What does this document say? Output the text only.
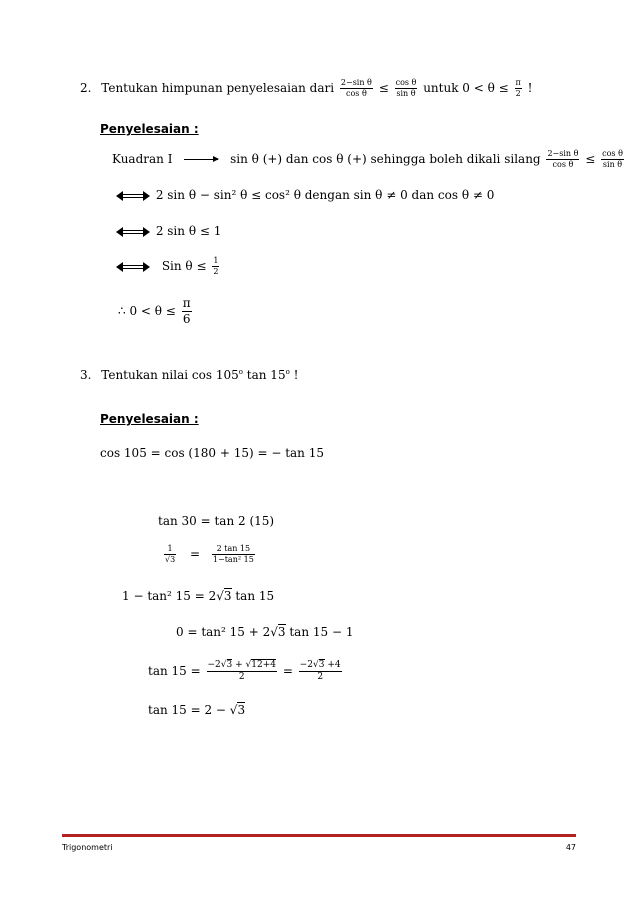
2. Tentukan himpunan penyelesaian dari $\frac{\text{2−sin θ}}{\text{cos θ}} \le \frac{\text{cos θ}}{\text{sin θ}}$ untuk $0 < \theta \le \frac{\pi}{2}$ !
Penyelesaian :
Kuadran I	sin θ (+) dan cos θ (+) sehingga boleh dikali silang $\frac{\text{2−sin θ}}{\text{cos θ}} \le \frac{\text{cos θ}}{\text{sin θ}}$
2 sin θ − sin² θ ≤ cos² θ dengan sin θ ≠ 0 dan cos θ ≠ 0
2 sin θ ≤ 1
Sin $\theta \le \frac{1}{2}$
∴ $0 < \theta \le \frac{\pi}{6}$
3. Tentukan nilai cos 105$^o$ tan 15$^o$ !
Penyelesaian :
cos 105 = cos (180 + 15) = − tan 15
tan 30 = tan 2 (15)
$\frac{1}{√3} = \frac{2 \tan 15}{\text{1−tan² 15}}$
1 − tan² 15 = 2√3 tan 15
0 = tan² 15 + 2√3 tan 15 − 1
$\tan 15 = \frac{-2√3 + √12+4}{2} = \frac{-2√3 +4}{2}$
tan 15 = 2 − √3
Trigonometri	47
